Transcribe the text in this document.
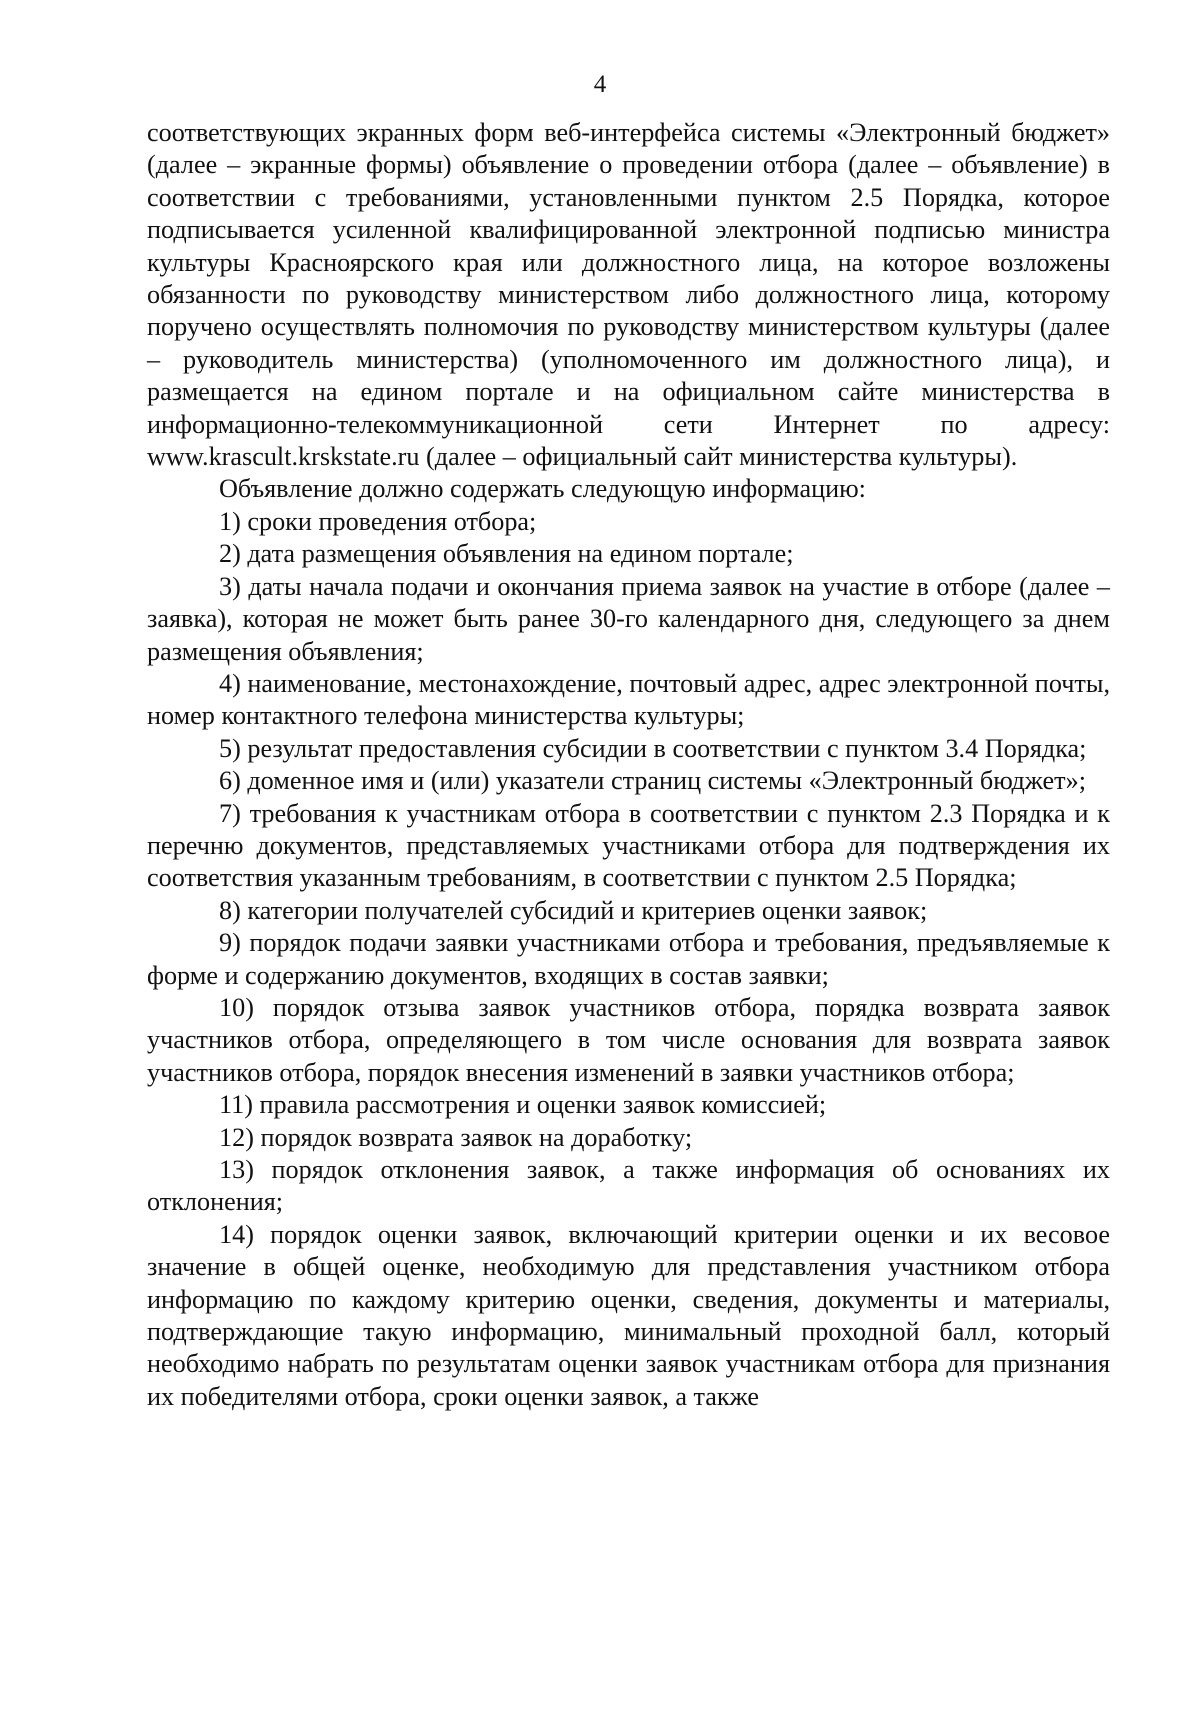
4

соответствующих экранных форм веб-интерфейса системы «Электронный бюджет» (далее – экранные формы) объявление о проведении отбора (далее – объявление) в соответствии с требованиями, установленными пунктом 2.5 Порядка, которое подписывается усиленной квалифицированной электронной подписью министра культуры Красноярского края или должностного лица, на которое возложены обязанности по руководству министерством либо должностного лица, которому поручено осуществлять полномочия по руководству министерством культуры (далее – руководитель министерства) (уполномоченного им должностного лица), и размещается на едином портале и на официальном сайте министерства в информационно-телекоммуникационной сети Интернет по адресу: www.krascult.krskstate.ru (далее – официальный сайт министерства культуры).

Объявление должно содержать следующую информацию:

1) сроки проведения отбора;

2) дата размещения объявления на едином портале;

3) даты начала подачи и окончания приема заявок на участие в отборе (далее – заявка), которая не может быть ранее 30-го календарного дня, следующего за днем размещения объявления;

4) наименование, местонахождение, почтовый адрес, адрес электронной почты, номер контактного телефона министерства культуры;

5) результат предоставления субсидии в соответствии с пунктом 3.4 Порядка;

6) доменное имя и (или) указатели страниц системы «Электронный бюджет»;

7) требования к участникам отбора в соответствии с пунктом 2.3 Порядка и к перечню документов, представляемых участниками отбора для подтверждения их соответствия указанным требованиям, в соответствии с пунктом 2.5 Порядка;

8) категории получателей субсидий и критериев оценки заявок;

9) порядок подачи заявки участниками отбора и требования, предъявляемые к форме и содержанию документов, входящих в состав заявки;

10) порядок отзыва заявок участников отбора, порядка возврата заявок участников отбора, определяющего в том числе основания для возврата заявок участников отбора, порядок внесения изменений в заявки участников отбора;

11) правила рассмотрения и оценки заявок комиссией;

12) порядок возврата заявок на доработку;

13) порядок отклонения заявок, а также информация об основаниях их отклонения;

14) порядок оценки заявок, включающий критерии оценки и их весовое значение в общей оценке, необходимую для представления участником отбора информацию по каждому критерию оценки, сведения, документы и материалы, подтверждающие такую информацию, минимальный проходной балл, который необходимо набрать по результатам оценки заявок участникам отбора для признания их победителями отбора, сроки оценки заявок, а также
